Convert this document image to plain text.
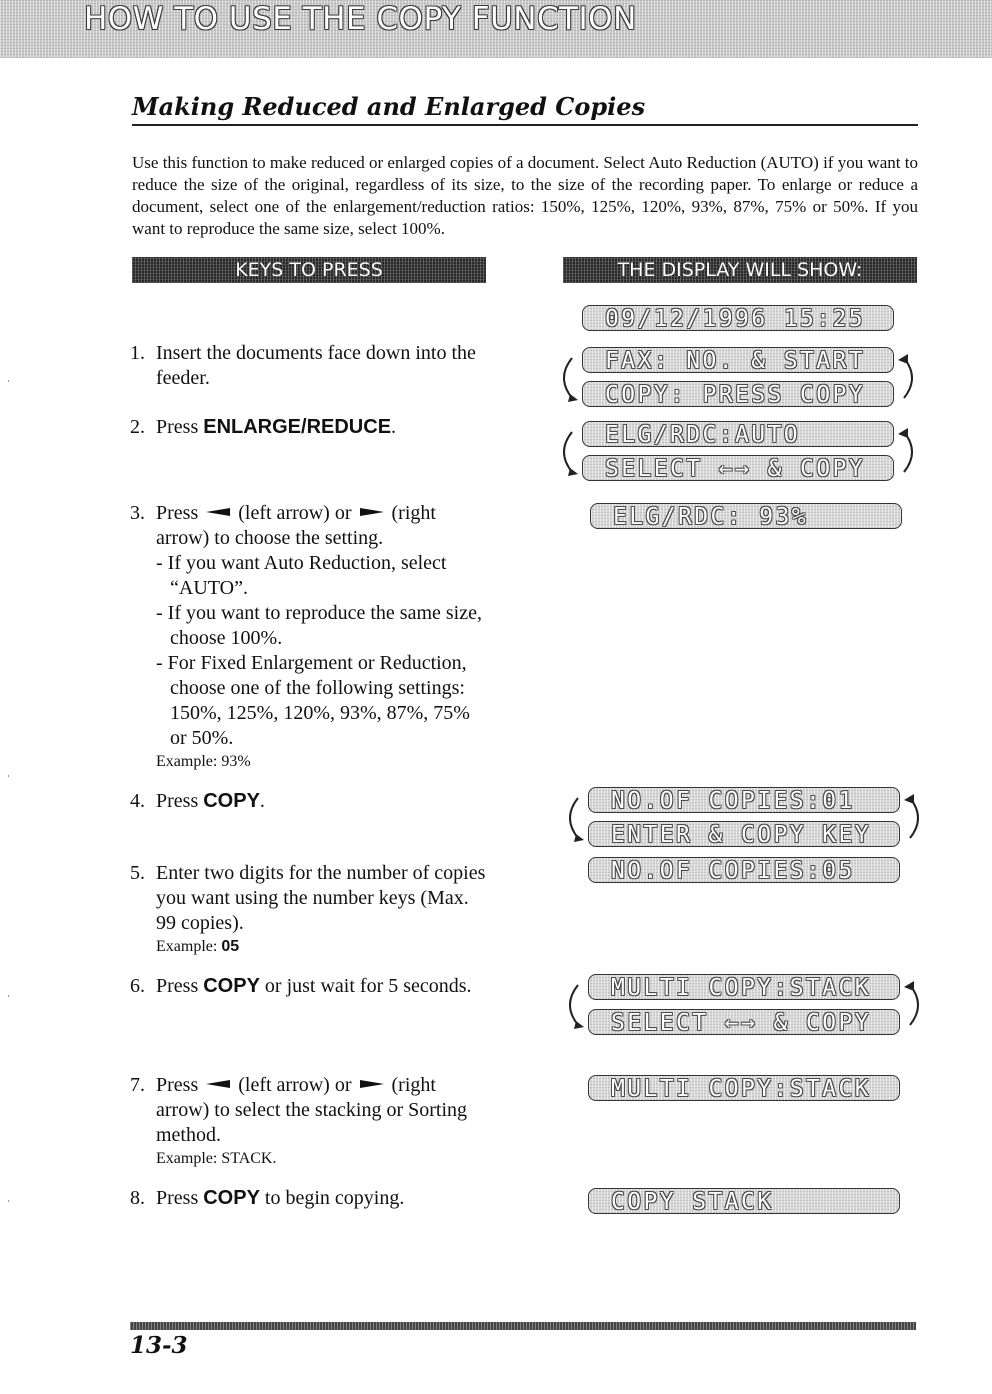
HOW TO USE THE COPY FUNCTION
Making Reduced and Enlarged Copies

Use this function to make reduced or enlarged copies of a document. Select Auto Reduction (AUTO) if you want to reduce the size of the original, regardless of its size, to the size of the recording paper. To enlarge or reduce a document, select one of the enlargement/reduction ratios: 150%, 125%, 120%, 93%, 87%, 75% or 50%. If you want to reproduce the same size, select 100%.

KEYS TO PRESS	THE DISPLAY WILL SHOW:
1. Insert the documents face down into the feeder.
2. Press ENLARGE/REDUCE.
3. Press (left arrow) or (right arrow) to choose the setting.
- If you want Auto Reduction, select “AUTO”.
- If you want to reproduce the same size, choose 100%.
- For Fixed Enlargement or Reduction, choose one of the following settings: 150%, 125%, 120%, 93%, 87%, 75% or 50%.
Example: 93%
4. Press COPY.
5. Enter two digits for the number of copies you want using the number keys (Max. 99 copies).
Example: 05
6. Press COPY or just wait for 5 seconds.
7. Press (left arrow) or (right arrow) to select the stacking or Sorting method.
Example: STACK.
8. Press COPY to begin copying.
09/12/1996 15:25
FAX: NO. & START
COPY: PRESS COPY
ELG/RDC:AUTO
SELECT ←→ & COPY
ELG/RDC: 93%
NO.OF COPIES:01
ENTER & COPY KEY
NO.OF COPIES:05
MULTI COPY:STACK
SELECT ←→ & COPY
MULTI COPY:STACK
COPY STACK
13-3
